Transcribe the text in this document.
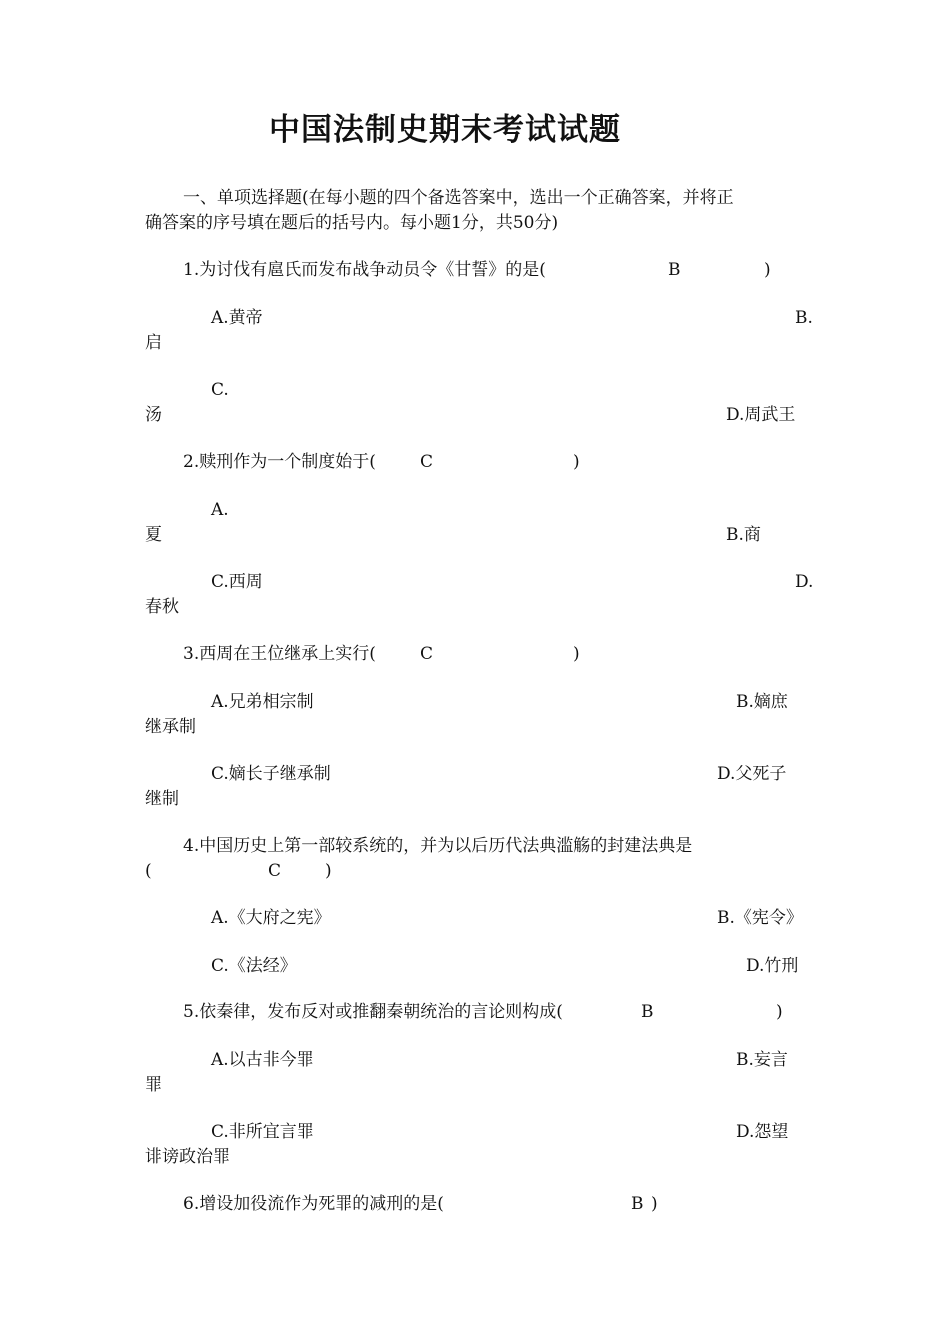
中国法制史期末考试试题
一、单项选择题(在每小题的四个备选答案中，选出一个正确答案，并将正
确答案的序号填在题后的括号内。每小题1分，共50分)
1.为讨伐有扈氏而发布战争动员令《甘誓》的是(	B	)
A.黄帝	B.
启
C.
汤	D.周武王
2.赎刑作为一个制度始于(	C	)
A.
夏	B.商
C.西周	D.
春秋
3.西周在王位继承上实行(	C	)
A.兄弟相宗制	B.嫡庶
继承制
C.嫡长子继承制	D.父死子
继制
4.中国历史上第一部较系统的，并为以后历代法典滥觞的封建法典是
(	C	)
A.《大府之宪》	B.《宪令》
C.《法经》	D.竹刑
5.依秦律，发布反对或推翻秦朝统治的言论则构成(	B	)
A.以古非今罪	B.妄言
罪
C.非所宜言罪	D.怨望
诽谤政治罪
6.增设加役流作为死罪的减刑的是(	B )
